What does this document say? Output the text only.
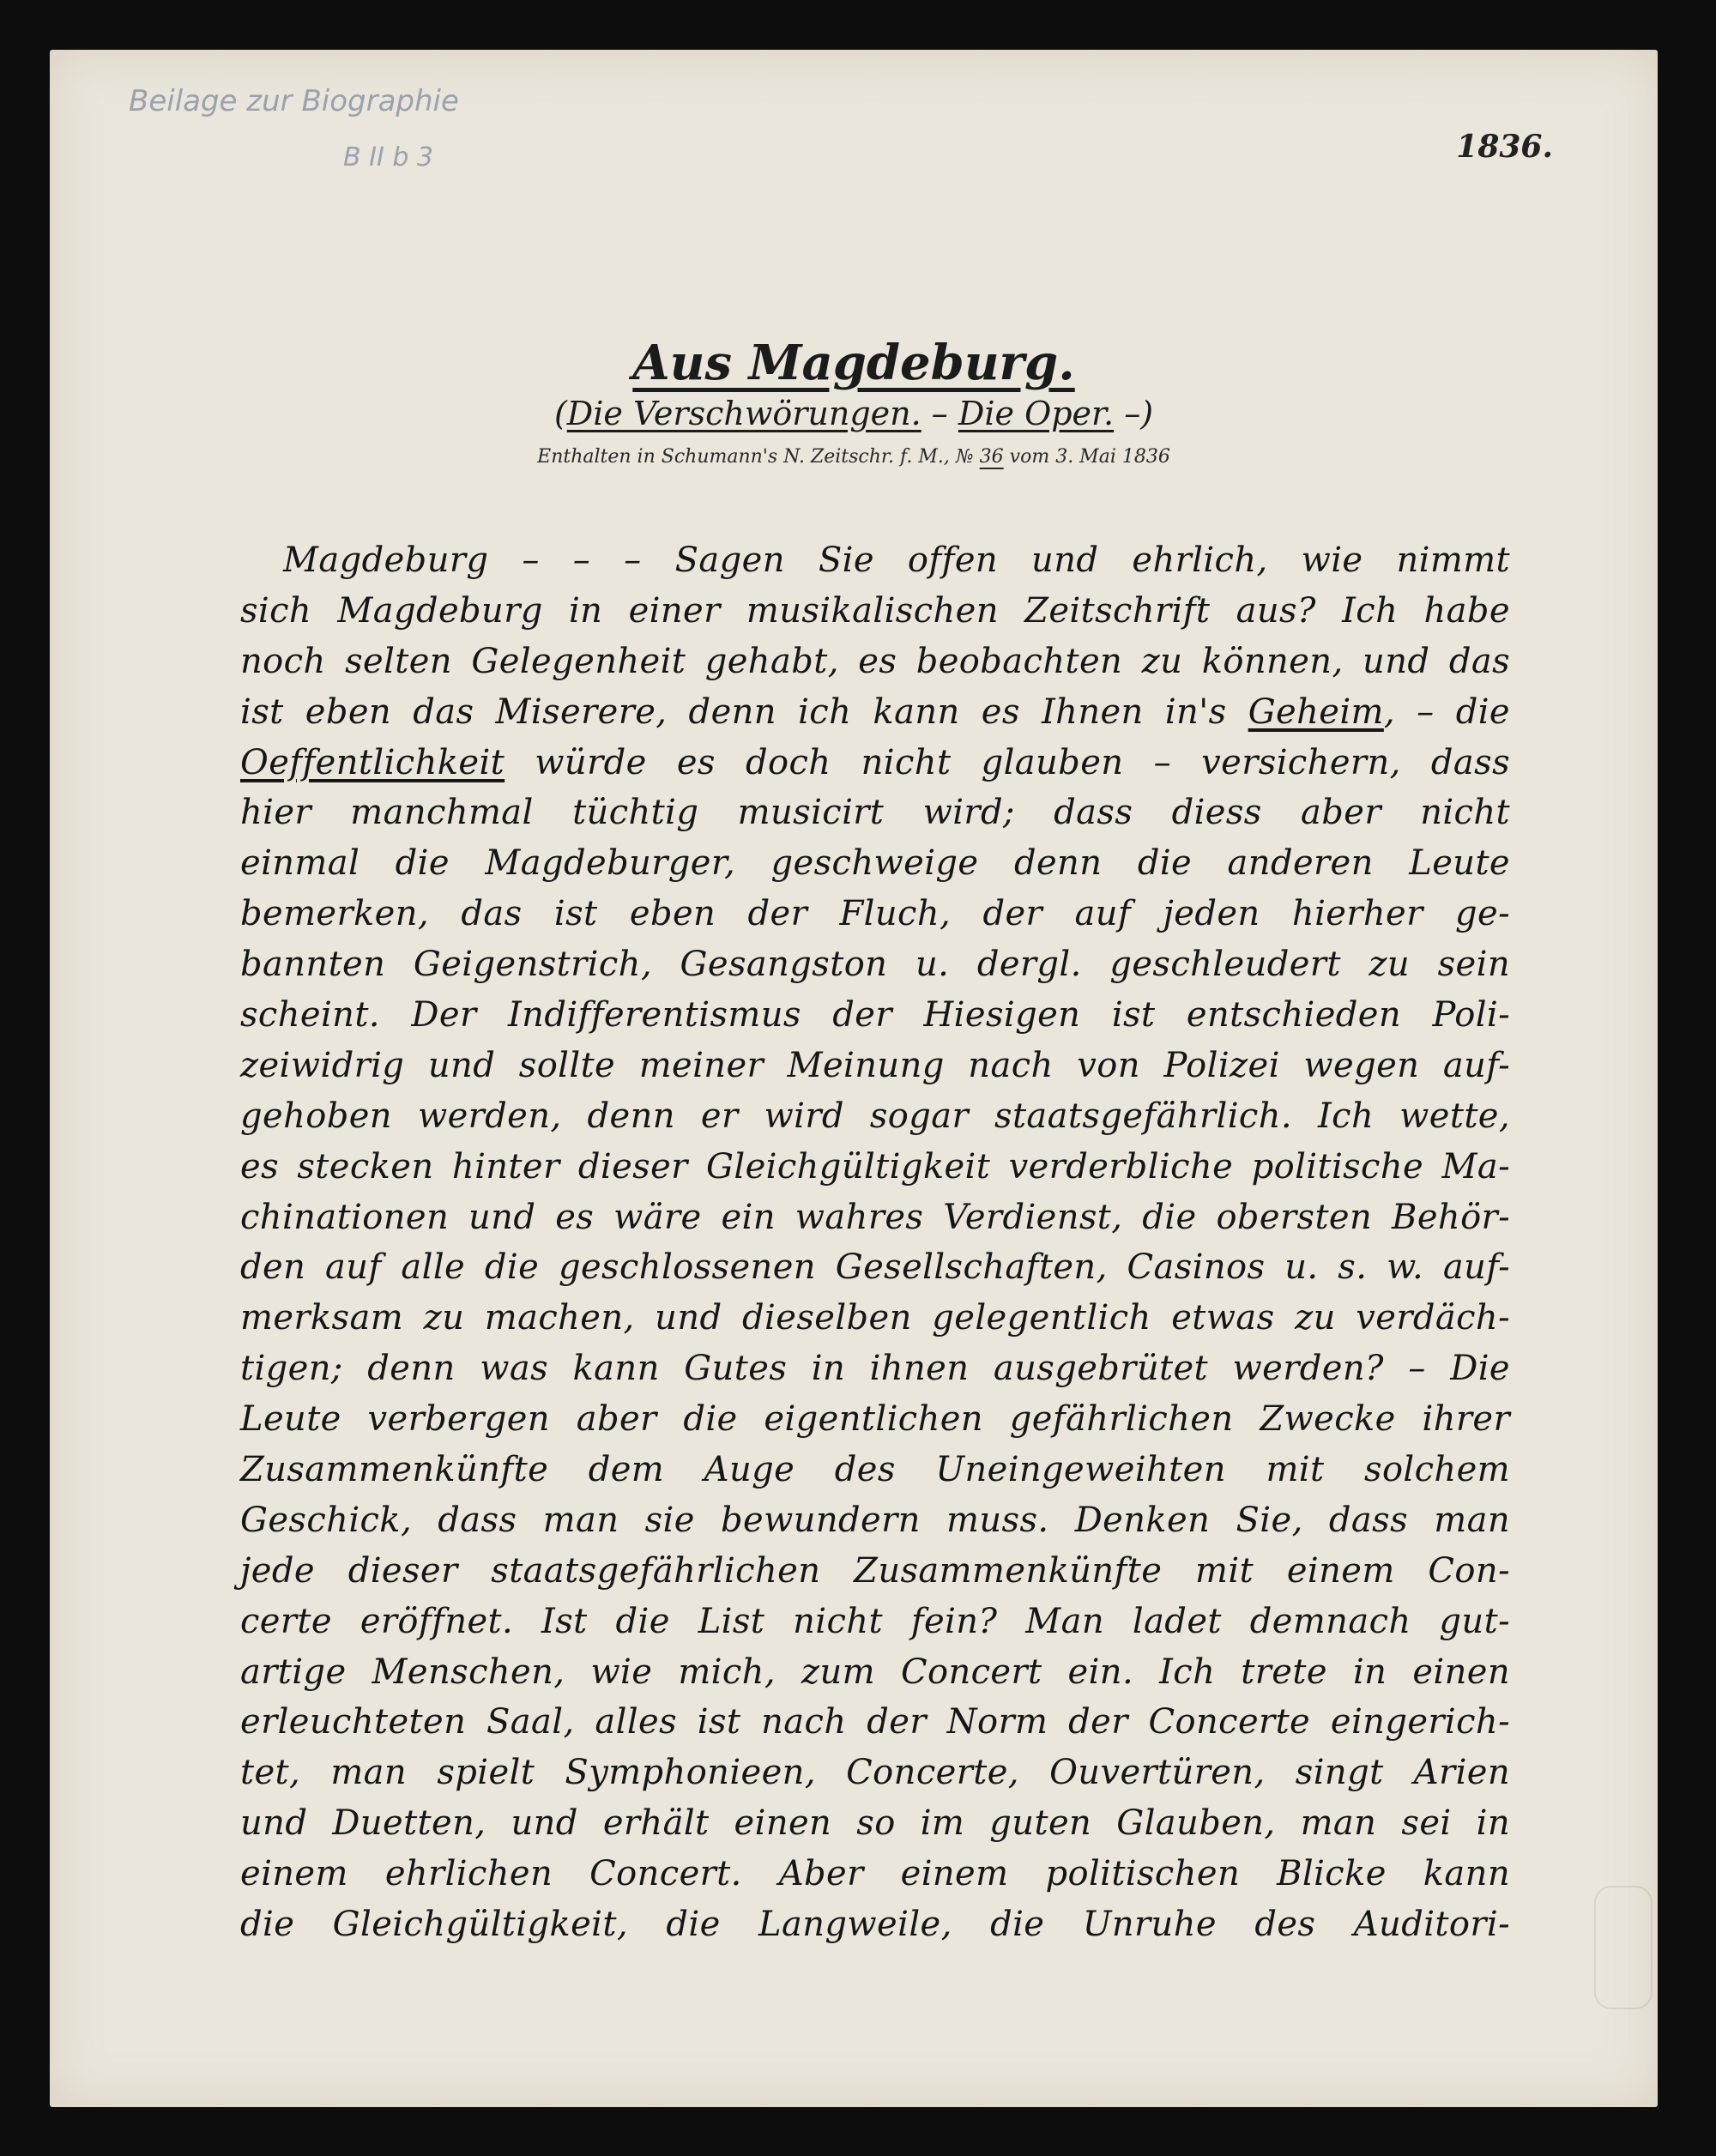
Beilage zur Biographie
B II b 3	1836.
Aus Magdeburg.
(Die Verschwörungen. – Die Oper. –)
Enthalten in Schumann's N. Zeitschr. f. M., № 36 vom 3. Mai 1836
Magdeburg – – – Sagen Sie offen und ehrlich, wie nimmt
sich Magdeburg in einer musikalischen Zeitschrift aus? Ich habe
noch selten Gelegenheit gehabt, es beobachten zu können, und das
ist eben das Miserere, denn ich kann es Ihnen in's Geheim, – die
Oeffentlichkeit würde es doch nicht glauben – versichern, dass
hier manchmal tüchtig musicirt wird; dass diess aber nicht
einmal die Magdeburger, geschweige denn die anderen Leute
bemerken, das ist eben der Fluch, der auf jeden hierher ge-
bannten Geigenstrich, Gesangston u. dergl. geschleudert zu sein
scheint. Der Indifferentismus der Hiesigen ist entschieden Poli-
zeiwidrig und sollte meiner Meinung nach von Polizei wegen auf-
gehoben werden, denn er wird sogar staatsgefährlich. Ich wette,
es stecken hinter dieser Gleichgültigkeit verderbliche politische Ma-
chinationen und es wäre ein wahres Verdienst, die obersten Behör-
den auf alle die geschlossenen Gesellschaften, Casinos u. s. w. auf-
merksam zu machen, und dieselben gelegentlich etwas zu verdäch-
tigen; denn was kann Gutes in ihnen ausgebrütet werden? – Die
Leute verbergen aber die eigentlichen gefährlichen Zwecke ihrer
Zusammenkünfte dem Auge des Uneingeweihten mit solchem
Geschick, dass man sie bewundern muss. Denken Sie, dass man
jede dieser staatsgefährlichen Zusammenkünfte mit einem Con-
certe eröffnet. Ist die List nicht fein? Man ladet demnach gut-
artige Menschen, wie mich, zum Concert ein. Ich trete in einen
erleuchteten Saal, alles ist nach der Norm der Concerte eingerich-
tet, man spielt Symphonieen, Concerte, Ouvertüren, singt Arien
und Duetten, und erhält einen so im guten Glauben, man sei in
einem ehrlichen Concert. Aber einem politischen Blicke kann
die Gleichgültigkeit, die Langweile, die Unruhe des Auditori-
